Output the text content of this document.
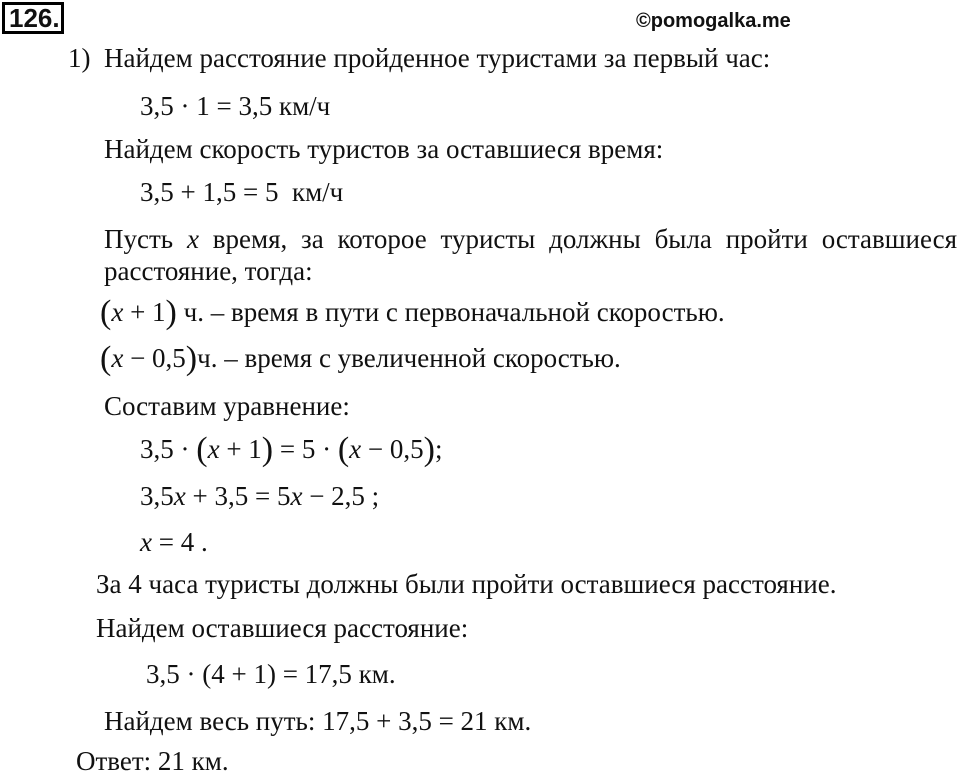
126.	©pomogalka.me
1) Найдем расстояние пройденное туристами за первый час:
3,5 · 1 = 3,5 км/ч
Найдем скорость туристов за оставшиеся время:
3,5 + 1,5 = 5 км/ч
Пусть x время, за которое туристы должны была пройти оставшиеся расстояние, тогда:
(x + 1) ч. – время в пути с первоначальной скоростью.
(x − 0,5)ч. – время с увеличенной скоростью.
Составим уравнение:
3,5 · (x + 1) = 5 · (x − 0,5);
3,5x + 3,5 = 5x − 2,5 ;
x = 4 .
За 4 часа туристы должны были пройти оставшиеся расстояние.
Найдем оставшиеся расстояние:
3,5 · (4 + 1) = 17,5 км.
Найдем весь путь: 17,5 + 3,5 = 21 км.
Ответ: 21 км.
